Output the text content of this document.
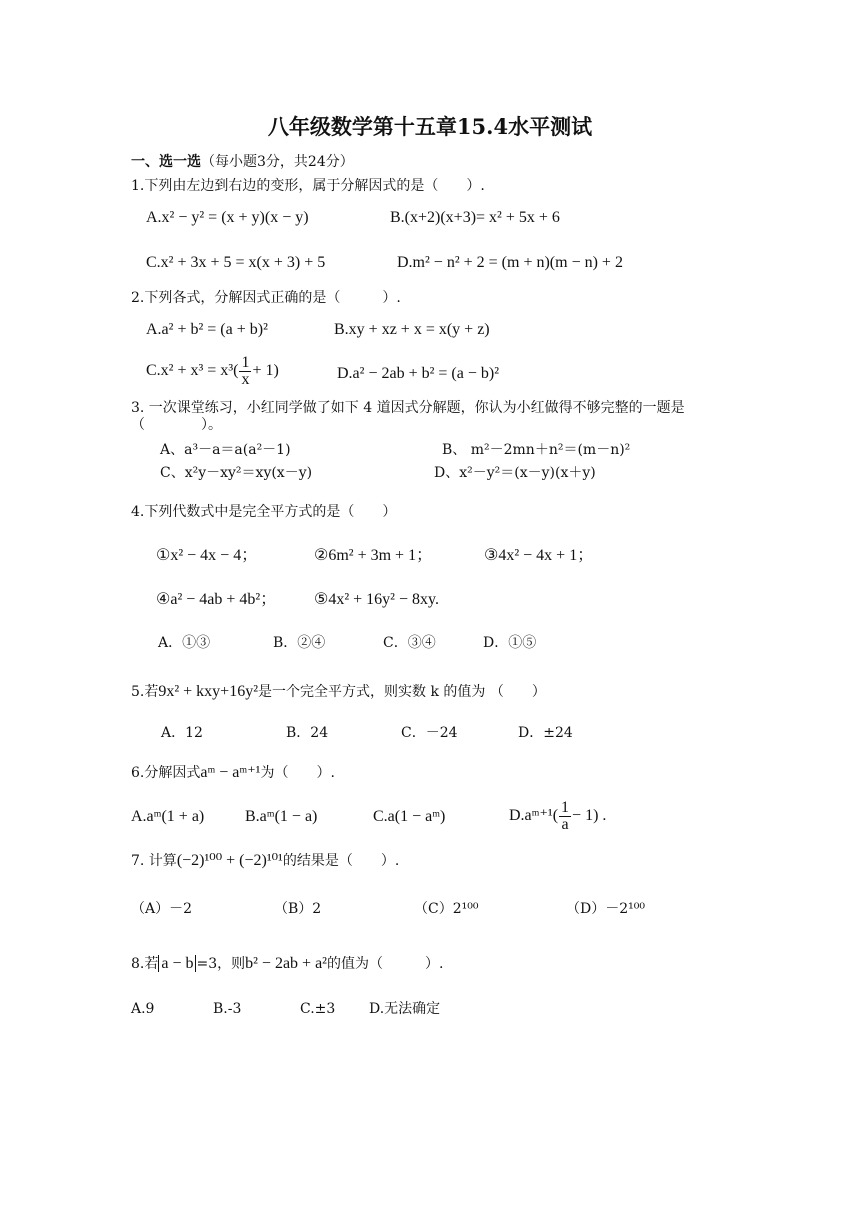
八年级数学第十五章15.4水平测试
一、选一选（每小题3分，共24分）
1.下列由左边到右边的变形，属于分解因式的是（　　）.
A.x² − y² = (x + y)(x − y)	B.(x+2)(x+3)= x² + 5x + 6
C.x² + 3x + 5 = x(x + 3) + 5	D.m² − n² + 2 = (m + n)(m − n) + 2
2.下列各式，分解因式正确的是（　　　）.
A.a² + b² = (a + b)²	B.xy + xz + x = x(y + z)
$C.x^2 + x^3 = x^3( \frac{1}{x} + 1)$	D.a² − 2ab + b² = (a − b)²
3. 一次课堂练习，小红同学做了如下 4 道因式分解题，你认为小红做得不够完整的一题是
（　　　　）。
A、a³－a＝a(a²－1)	B、 m²－2mn＋n²＝(m－n)²
C、x²y－xy²＝xy(x－y)	D、x²－y²＝(x－y)(x＋y)
4.下列代数式中是完全平方式的是（　　）
①x² − 4x − 4；	②6m² + 3m + 1；	③4x² − 4x + 1；
④a² − 4ab + 4b²； ⑤4x² + 16y² − 8xy.
A．①③	B．②④	C．③④	D．①⑤
5.若9x² + kxy+16y²是一个完全平方式，则实数 k 的值为 （　　）
A．12	B．24	C．－24	D．±24
6.分解因式aᵐ − aᵐ⁺¹为（　　）.
A.aᵐ(1 + a)	B.aᵐ(1 − a)	C.a(1 − aᵐ)	D.aᵐ⁺¹( $\frac{1}{a} - 1$) .
7. 计算(−2)¹⁰⁰ + (−2)¹⁰¹的结果是（　　）.
（A）－2	（B）2	（C）2¹⁰⁰	（D）－2¹⁰⁰
8.若 a − b =3，则b² − 2ab + a²的值为（　　　）.
A.9	B.-3	C.±3 D.无法确定
